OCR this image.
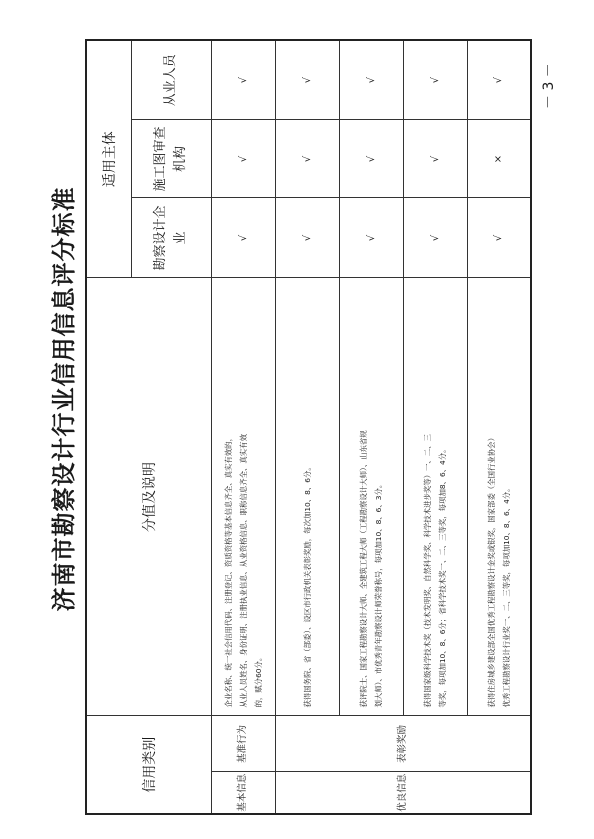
济南市勘察设计行业信用信息评分标准
信用类别		分值及说明	适用主体		
			勘察设计企业	施工图审查机构	从业人员
基本信息	基准行为	企业名称、统一社会信用代码、注册登记、资质资格等基本信息齐全、真实有效的， 从业人员姓名、身份证明、注册执业信息、从业资格信息、职称信息齐全、真实有效 的，赋分60分。	√	√	√
优良信息	表彰奖励	获得国务院、省（部委）、设区市行政机关表彰奖励，每次加10、8、6分。	√	√	√
		获评院士、国家工程勘察设计大师、全建筑工程大师（工程勘察设计大师）、山东省规 划大师）、市优秀青年勘察设计师荣誉称号，每项加10、8、6、3分。	√	√	√
		获得国家级科学技术奖（技术发明奖、自然科学奖、科学技术进步奖等）一、二、三 等奖，每项加10、8、6分；省科学技术奖一、二、三等奖，每项加8、6、4分。	√	√	√
		获得住房城乡建设部全国优秀工程勘察设计金奖或银奖，国家部委（全国行业协会） 优秀工程勘察设计行业奖一、二、三等奖，每项加10、8、6、4分。	√	×	√	－ 3 －
